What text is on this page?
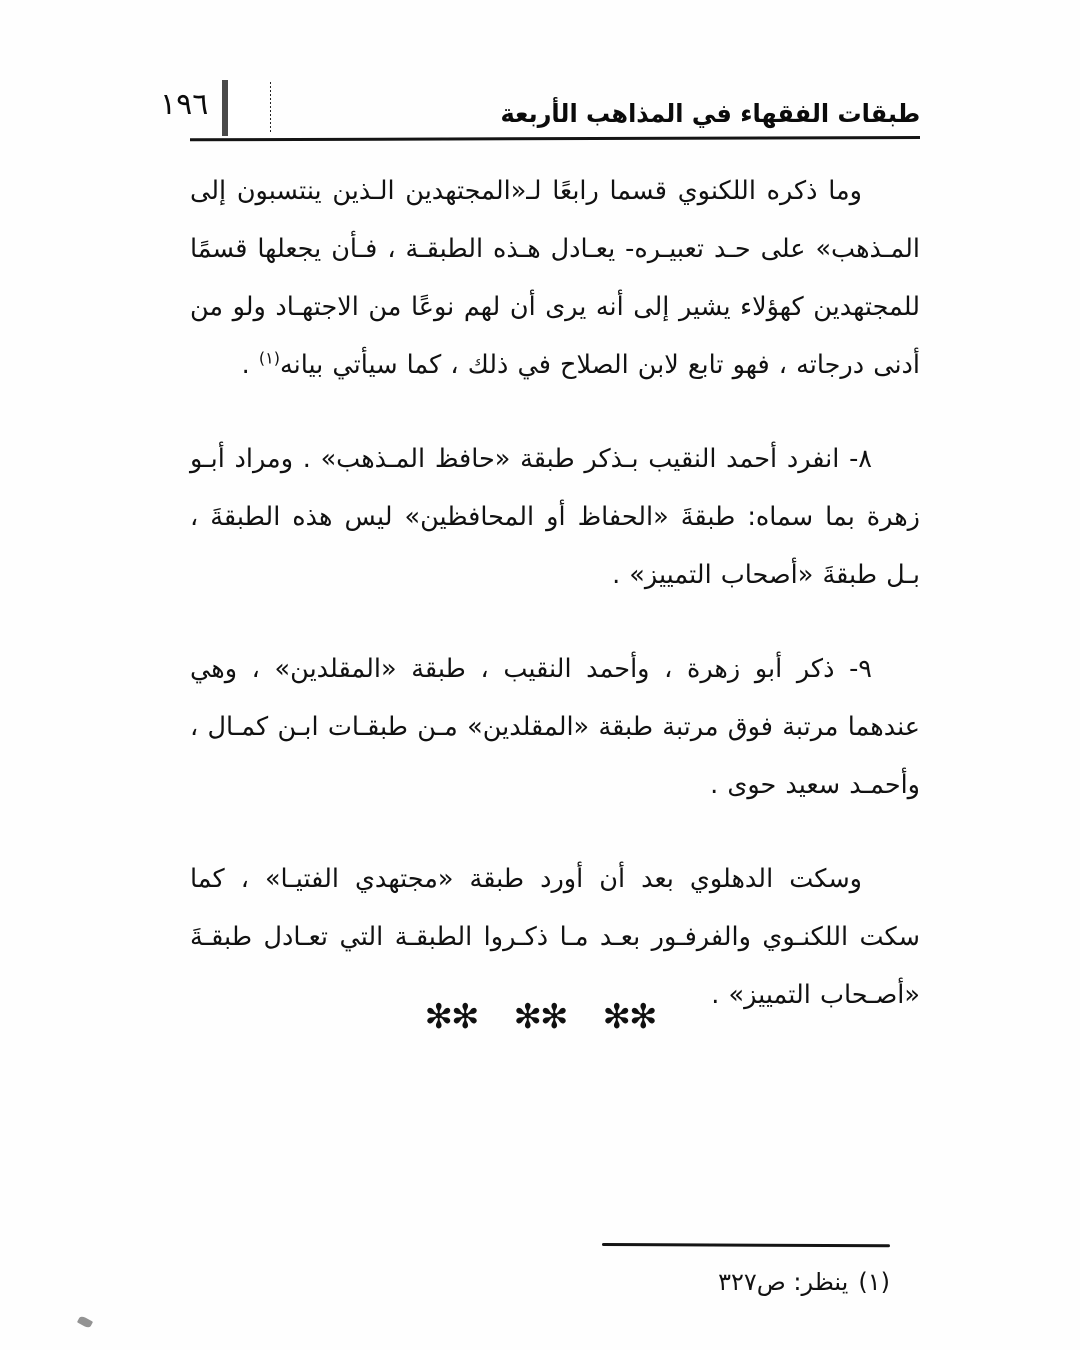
طبقات الفقهاء في المذاهب الأربعة
١٩٦

وما ذكره اللكنوي قسما رابعًا لـ«المجتهدين الـذين ينتسبون إلى المـذهب» على حـد تعبيـره- يعـادل هـذه الطبقـة ، فـأن يجعلها قسمًا للمجتهدين كهؤلاء يشير إلى أنه يرى أن لهم نوعًا من الاجتهـاد ولو من أدنى درجاته ، فهو تابع لابن الصلاح في ذلك ، كما سيأتي بيانه$^{(١)}$ .

٨- انفرد أحمد النقيب بـذكر طبقة «حافظ المـذهب» . ومراد أبـو زهرة بما سماه: طبقةَ «الحفاظ أو المحافظين» ليس هذه الطبقةَ ، بـل طبقةَ «أصحاب التمييز» .

٩- ذكر أبو زهرة ، وأحمد النقيب ، طبقة «المقلدين» ، وهي عندهما مرتبة فوق مرتبة طبقة «المقلدين» مـن طبقـات ابـن كمـال ، وأحمـد سعيد حوى .

وسكت الدهلوي بعد أن أورد طبقة «مجتهدي الفتيـا» ، كما سكت اللكنـوي والفرفـور بعـد مـا ذكـروا الطبقـة التي تعـادل طبقـةَ «أصـحاب التمييز» .

✻✻✻✻✻✻
(١)ينظر: ص٣٢٧
